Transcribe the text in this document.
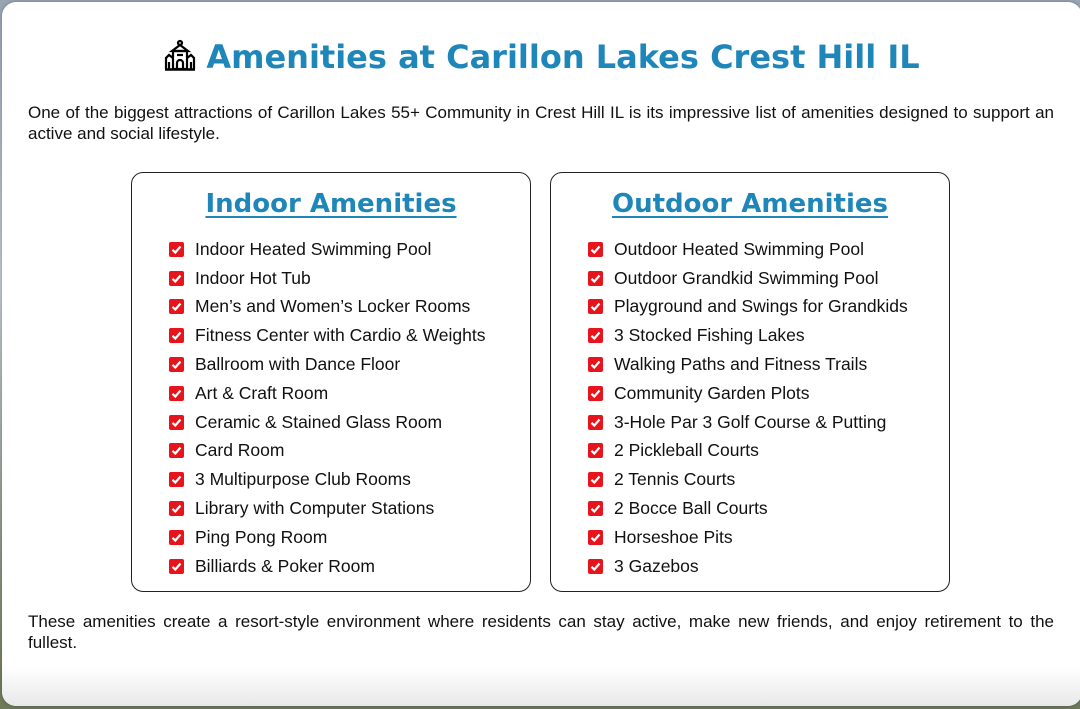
Amenities at Carillon Lakes Crest Hill IL

One of the biggest attractions of Carillon Lakes 55+ Community in Crest Hill IL is its impressive list of amenities designed to support an active and social lifestyle.

Indoor Amenities
Indoor Heated Swimming Pool
Indoor Hot Tub
Men’s and Women’s Locker Rooms
Fitness Center with Cardio & Weights
Ballroom with Dance Floor
Art & Craft Room
Ceramic & Stained Glass Room
Card Room
3 Multipurpose Club Rooms
Library with Computer Stations
Ping Pong Room
Billiards & Poker Room
Outdoor Amenities
Outdoor Heated Swimming Pool
Outdoor Grandkid Swimming Pool
Playground and Swings for Grandkids
3 Stocked Fishing Lakes
Walking Paths and Fitness Trails
Community Garden Plots
3-Hole Par 3 Golf Course & Putting
2 Pickleball Courts
2 Tennis Courts
2 Bocce Ball Courts
Horseshoe Pits
3 Gazebos

These amenities create a resort-style environment where residents can stay active, make new friends, and enjoy retirement to the fullest.
